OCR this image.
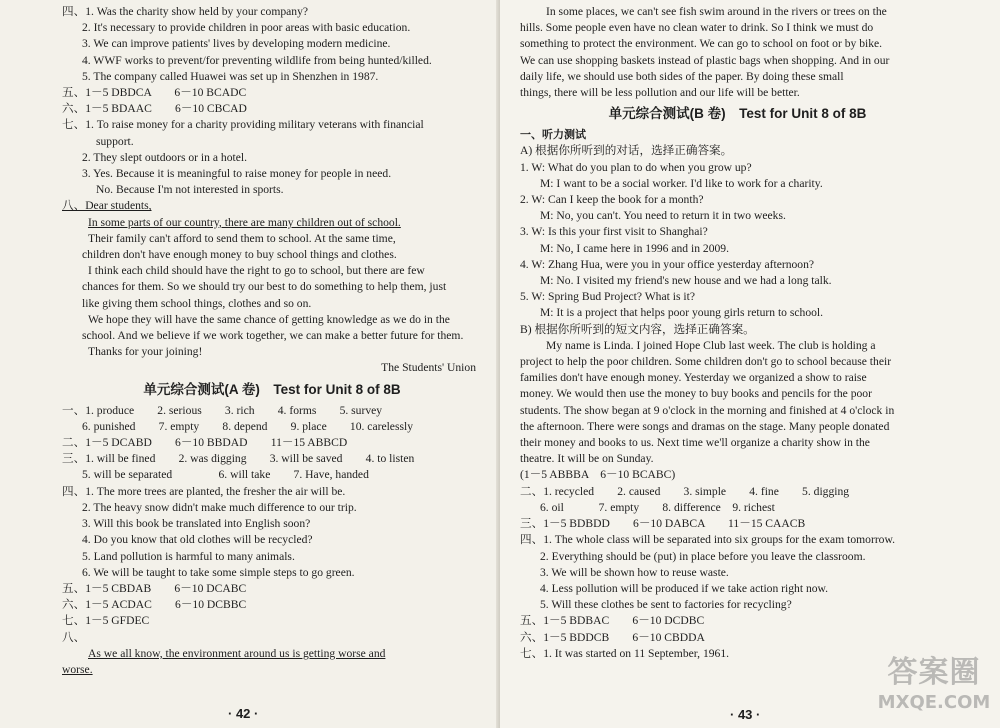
四、1. Was the charity show held by your company?
2. It's necessary to provide children in poor areas with basic education.
3. We can improve patients' lives by developing modern medicine.
4. WWF works to prevent/for preventing wildlife from being hunted/killed.
5. The company called Huawei was set up in Shenzhen in 1987.
五、1－5 DBDCA　　6－10 BCADC
六、1－5 BDAAC　　6－10 CBCAD
七、1. To raise money for a charity providing military veterans with financial
support.
2. They slept outdoors or in a hotel.
3. Yes. Because it is meaningful to raise money for people in need.
No. Because I'm not interested in sports.
八、Dear students,
In some parts of our country, there are many children out of school.
Their family can't afford to send them to school. At the same time,
children don't have enough money to buy school things and clothes.
I think each child should have the right to go to school, but there are few
chances for them. So we should try our best to do something to help them, just
like giving them school things, clothes and so on.
We hope they will have the same chance of getting knowledge as we do in the
school. And we believe if we work together, we can make a better future for them.
Thanks for your joining!
The Students' Union
单元综合测试(A 卷)　Test for Unit 8 of 8B
一、1. produce　　2. serious　　3. rich　　4. forms　　5. survey
6. punished　　7. empty　　8. depend　　9. place　　10. carelessly
二、1－5 DCABD　　6－10 BBDAD　　11－15 ABBCD
三、1. will be fined　　2. was digging　　3. will be saved　　4. to listen
5. will be separated　　　　6. will take　　7. Have, handed
四、1. The more trees are planted, the fresher the air will be.
2. The heavy snow didn't make much difference to our trip.
3. Will this book be translated into English soon?
4. Do you know that old clothes will be recycled?
5. Land pollution is harmful to many animals.
6. We will be taught to take some simple steps to go green.
五、1－5 CBDAB　　6－10 DCABC
六、1－5 ACDAC　　6－10 DCBBC
七、1－5 GFDEC
八、
As we all know, the environment around us is getting worse and
worse.
· 42 ·
In some places, we can't see fish swim around in the rivers or trees on the
hills. Some people even have no clean water to drink. So I think we must do
something to protect the environment. We can go to school on foot or by bike.
We can use shopping baskets instead of plastic bags when shopping. And in our
daily life, we should use both sides of the paper. By doing these small
things, there will be less pollution and our life will be better.
单元综合测试(B 卷)　Test for Unit 8 of 8B
一、听力测试
A) 根据你所听到的对话，选择正确答案。
1. W: What do you plan to do when you grow up?
M: I want to be a social worker. I'd like to work for a charity.
2. W: Can I keep the book for a month?
M: No, you can't. You need to return it in two weeks.
3. W: Is this your first visit to Shanghai?
M: No, I came here in 1996 and in 2009.
4. W: Zhang Hua, were you in your office yesterday afternoon?
M: No. I visited my friend's new house and we had a long talk.
5. W: Spring Bud Project? What is it?
M: It is a project that helps poor young girls return to school.
B) 根据你所听到的短文内容，选择正确答案。
My name is Linda. I joined Hope Club last week. The club is holding a
project to help the poor children. Some children don't go to school because their
families don't have enough money. Yesterday we organized a show to raise
money. We would then use the money to buy books and pencils for the poor
students. The show began at 9 o'clock in the morning and finished at 4 o'clock in
the afternoon. There were songs and dramas on the stage. Many people donated
their money and books to us. Next time we'll organize a charity show in the
theatre. It will be on Sunday.
(1－5 ABBBA　6－10 BCABC)
二、1. recycled　　2. caused　　3. simple　　4. fine　　5. digging
6. oil　　　7. empty　　8. difference　9. richest
三、1－5 BDBDD　　6－10 DABCA　　11－15 CAACB
四、1. The whole class will be separated into six groups for the exam tomorrow.
2. Everything should be (put) in place before you leave the classroom.
3. We will be shown how to reuse waste.
4. Less pollution will be produced if we take action right now.
5. Will these clothes be sent to factories for recycling?
五、1－5 BDBAC　　6－10 DCDBC
六、1－5 BDDCB　　6－10 CBDDA
七、1. It was started on 11 September, 1961.
· 43 ·
答案圈
MXQE.COM
